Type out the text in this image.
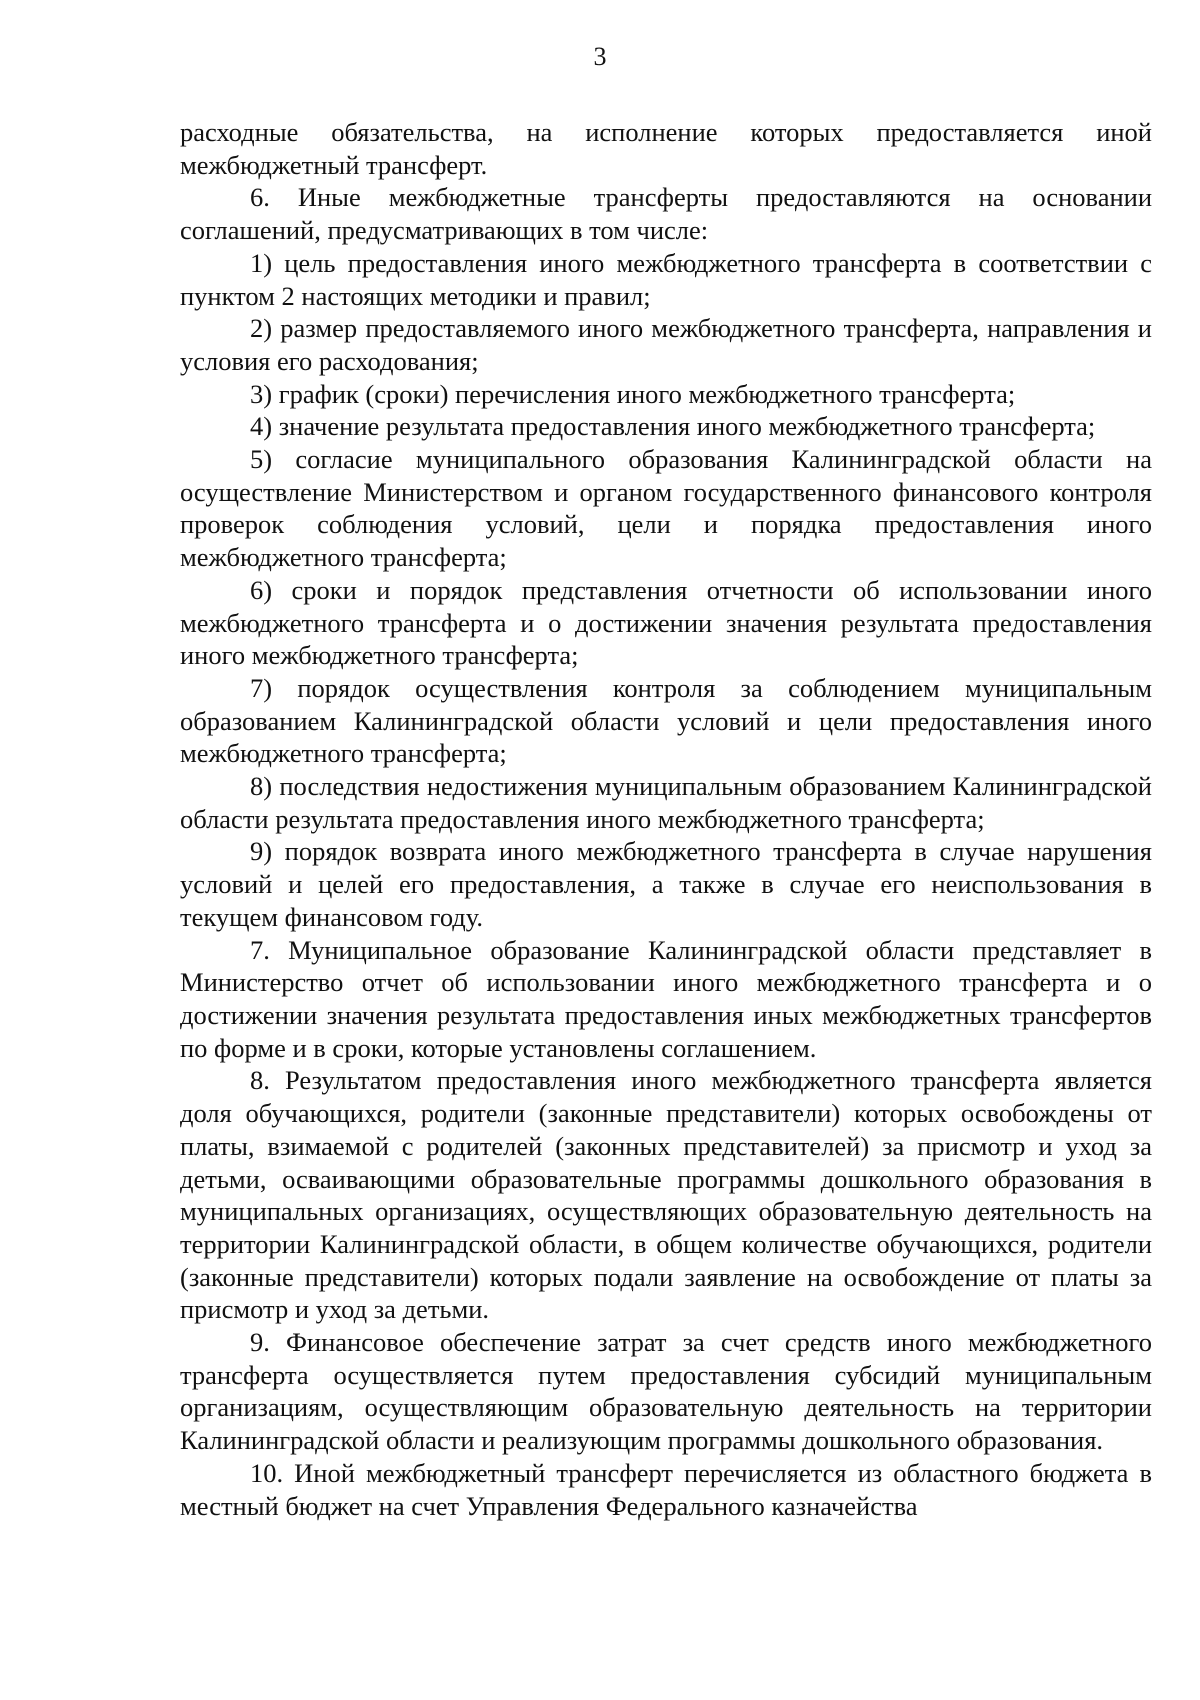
3

расходные обязательства, на исполнение которых предоставляется иной межбюджетный трансферт.

6. Иные межбюджетные трансферты предоставляются на основании соглашений, предусматривающих в том числе:

1) цель предоставления иного межбюджетного трансферта в соответствии с пунктом 2 настоящих методики и правил;

2) размер предоставляемого иного межбюджетного трансферта, направления и условия его расходования;

3) график (сроки) перечисления иного межбюджетного трансферта;

4) значение результата предоставления иного межбюджетного трансферта;

5) согласие муниципального образования Калининградской области на осуществление Министерством и органом государственного финансового контроля проверок соблюдения условий, цели и порядка предоставления иного межбюджетного трансферта;

6) сроки и порядок представления отчетности об использовании иного межбюджетного трансферта и о достижении значения результата предоставления иного межбюджетного трансферта;

7) порядок осуществления контроля за соблюдением муниципальным образованием Калининградской области условий и цели предоставления иного межбюджетного трансферта;

8) последствия недостижения муниципальным образованием Калининградской области результата предоставления иного межбюджетного трансферта;

9) порядок возврата иного межбюджетного трансферта в случае нарушения условий и целей его предоставления, а также в случае его неиспользования в текущем финансовом году.

7. Муниципальное образование Калининградской области представляет в Министерство отчет об использовании иного межбюджетного трансферта и о достижении значения результата предоставления иных межбюджетных трансфертов по форме и в сроки, которые установлены соглашением.

8. Результатом предоставления иного межбюджетного трансферта является доля обучающихся, родители (законные представители) которых освобождены от платы, взимаемой с родителей (законных представителей) за присмотр и уход за детьми, осваивающими образовательные программы дошкольного образования в муниципальных организациях, осуществляющих образовательную деятельность на территории Калининградской области, в общем количестве обучающихся, родители (законные представители) которых подали заявление на освобождение от платы за присмотр и уход за детьми.

9. Финансовое обеспечение затрат за счет средств иного межбюджетного трансферта осуществляется путем предоставления субсидий муниципальным организациям, осуществляющим образовательную деятельность на территории Калининградской области и реализующим программы дошкольного образования.

10. Иной межбюджетный трансферт перечисляется из областного бюджета в местный бюджет на счет Управления Федерального казначейства
